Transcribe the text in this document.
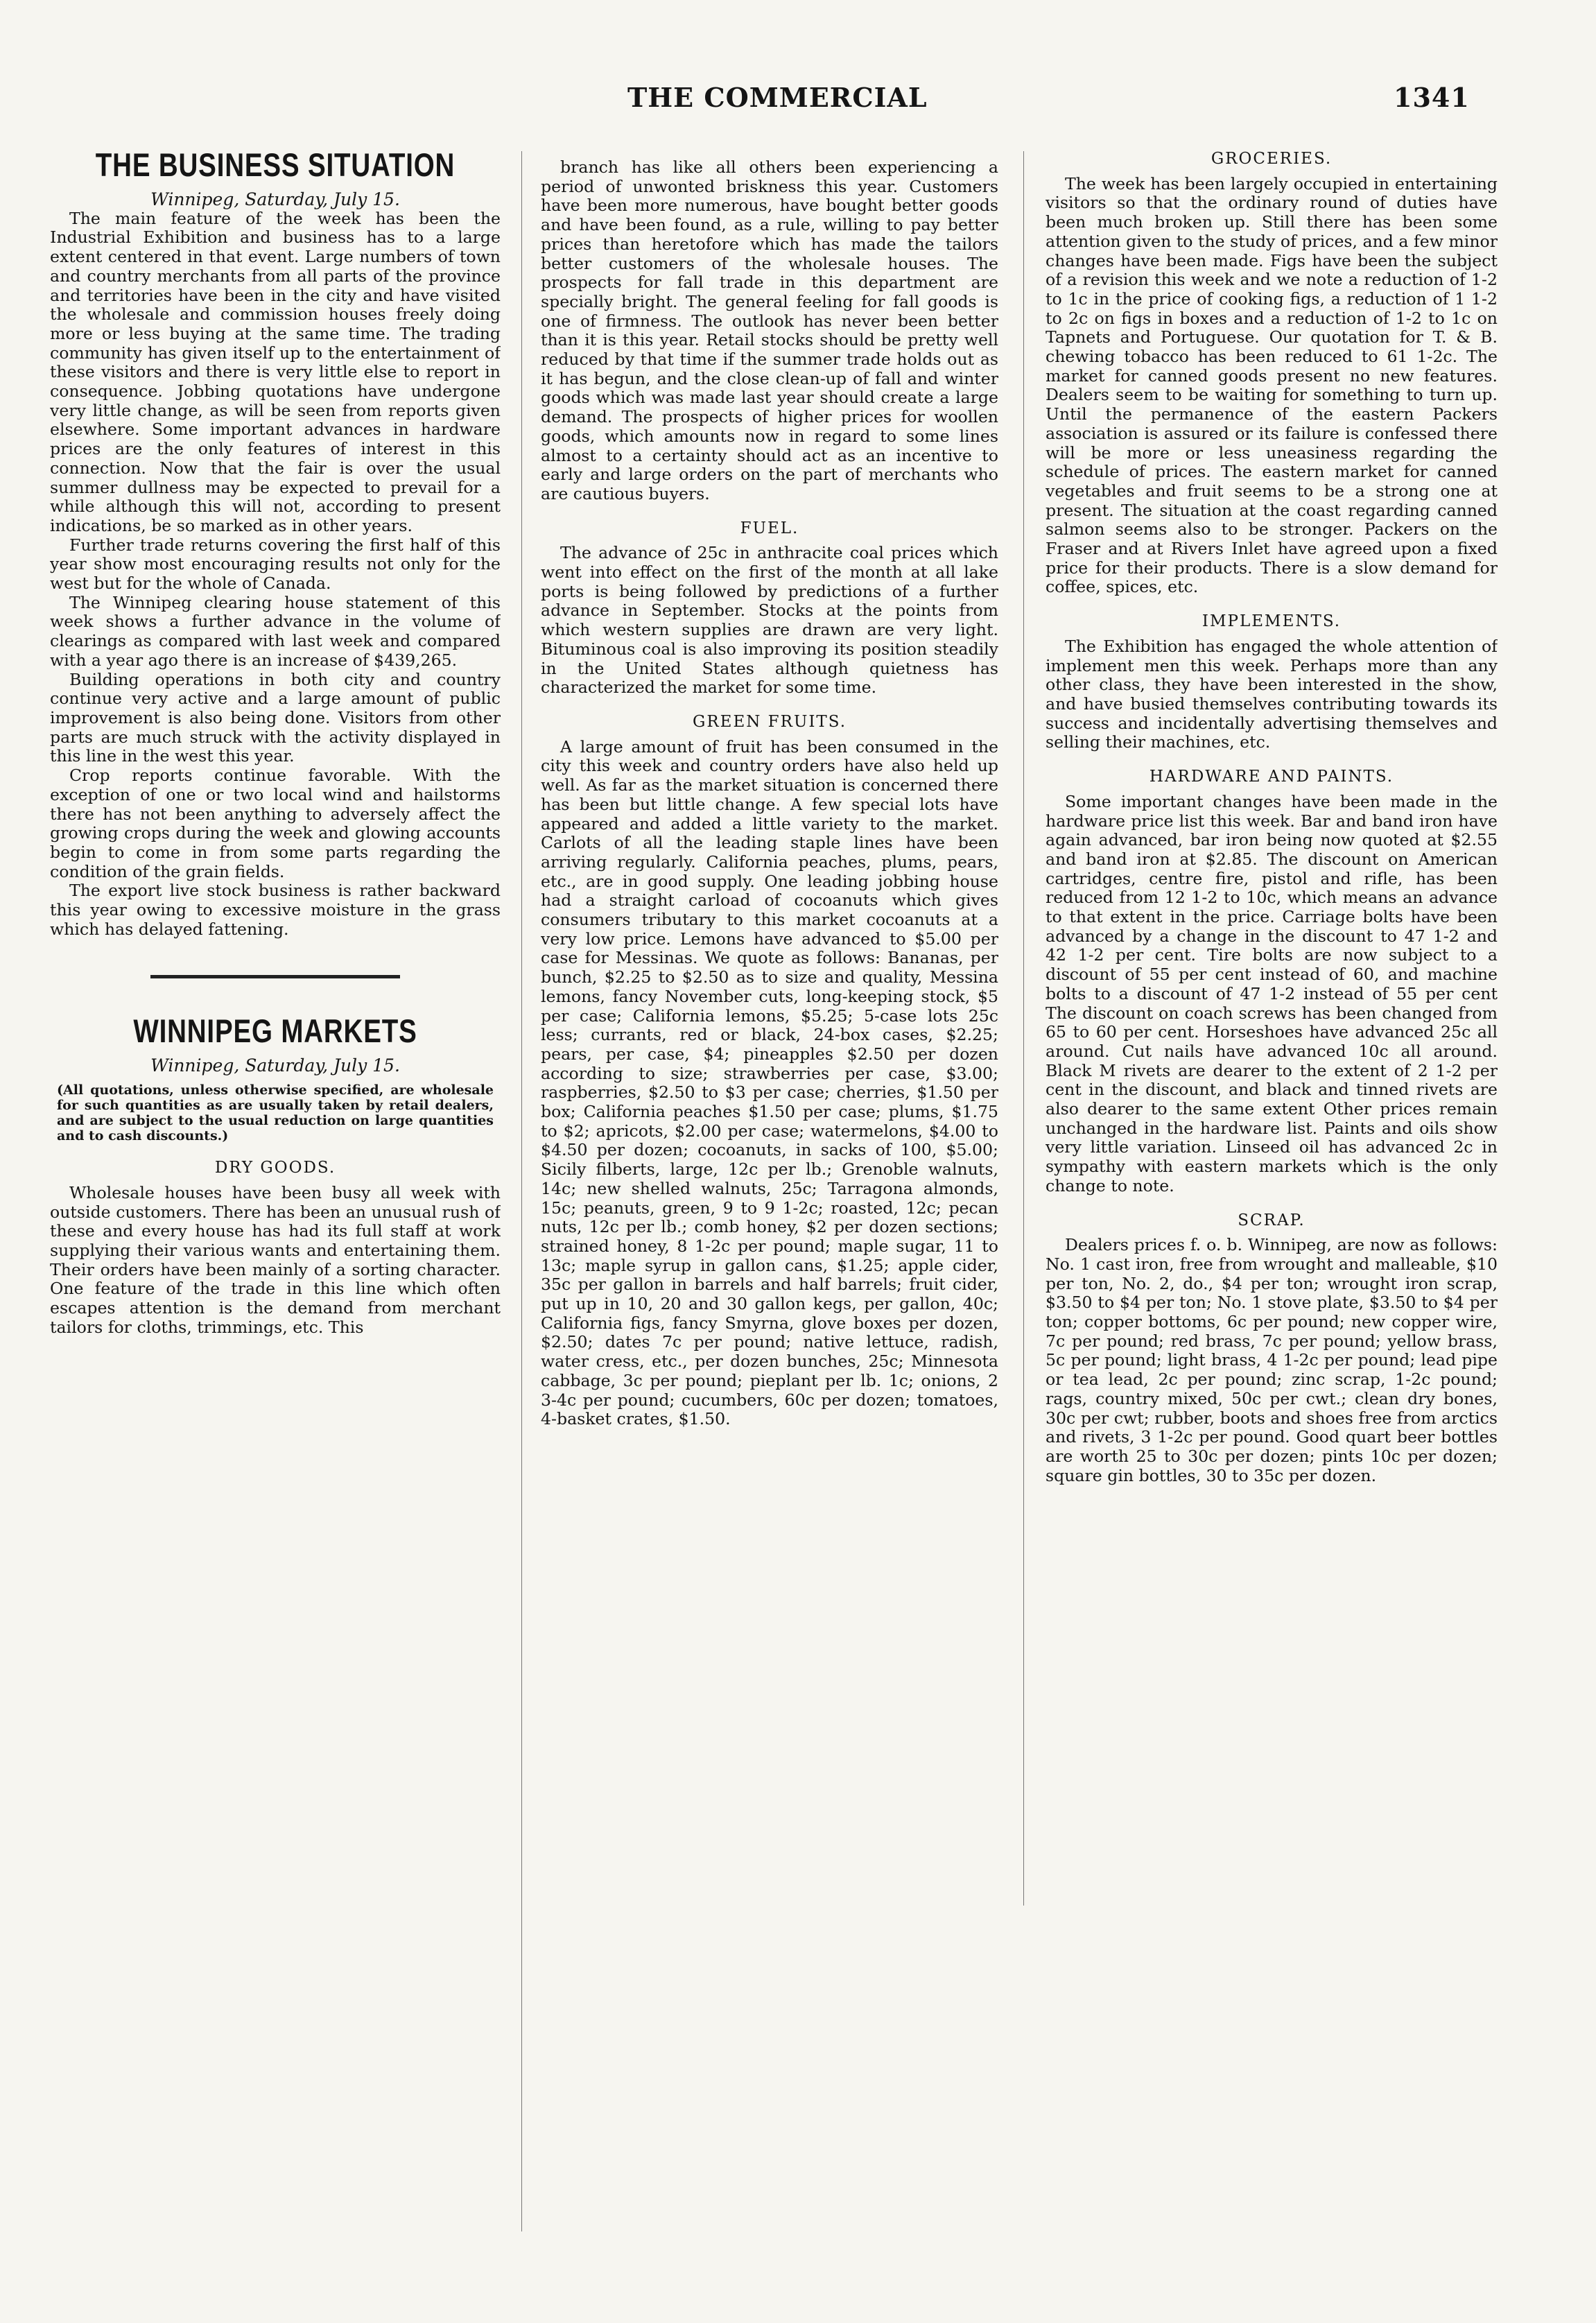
THE COMMERCIAL	1341
THE BUSINESS SITUATION

Winnipeg, Saturday, July 15.

The main feature of the week has been the Industrial Exhibition and business has to a large extent centered in that event. Large numbers of town and country merchants from all parts of the province and territories have been in the city and have visited the wholesale and commission houses freely doing more or less buying at the same time. The trading community has given itself up to the entertainment of these visitors and there is very little else to report in consequence. Jobbing quotations have undergone very little change, as will be seen from reports given elsewhere. Some important advances in hardware prices are the only features of interest in this connection. Now that the fair is over the usual summer dullness may be expected to prevail for a while although this will not, according to present indications, be so marked as in other years.

Further trade returns covering the first half of this year show most encouraging results not only for the west but for the whole of Canada.

The Winnipeg clearing house statement of this week shows a further advance in the volume of clearings as compared with last week and compared with a year ago there is an increase of $439,265.

Building operations in both city and country continue very active and a large amount of public improvement is also being done. Visitors from other parts are much struck with the activity displayed in this line in the west this year.

Crop reports continue favorable. With the exception of one or two local wind and hailstorms there has not been anything to adversely affect the growing crops during the week and glowing accounts begin to come in from some parts regarding the condition of the grain fields.

The export live stock business is rather backward this year owing to excessive moisture in the grass which has delayed fattening.

WINNIPEG MARKETS

Winnipeg, Saturday, July 15.

(All quotations, unless otherwise specified, are wholesale for such quantities as are usually taken by retail dealers, and are subject to the usual reduction on large quantities and to cash discounts.)

DRY GOODS.

Wholesale houses have been busy all week with outside customers. There has been an unusual rush of these and every house has had its full staff at work supplying their various wants and entertaining them. Their orders have been mainly of a sorting character. One feature of the trade in this line which often escapes attention is the demand from merchant tailors for cloths, trimmings, etc. This

branch has like all others been experiencing a period of unwonted briskness this year. Customers have been more numerous, have bought better goods and have been found, as a rule, willing to pay better prices than heretofore which has made the tailors better customers of the wholesale houses. The prospects for fall trade in this department are specially bright. The general feeling for fall goods is one of firmness. The outlook has never been better than it is this year. Retail stocks should be pretty well reduced by that time if the summer trade holds out as it has begun, and the close clean-up of fall and winter goods which was made last year should create a large demand. The prospects of higher prices for woollen goods, which amounts now in regard to some lines almost to a certainty should act as an incentive to early and large orders on the part of merchants who are cautious buyers.

FUEL.

The advance of 25c in anthracite coal prices which went into effect on the first of the month at all lake ports is being followed by predictions of a further advance in September. Stocks at the points from which western supplies are drawn are very light. Bituminous coal is also improving its position steadily in the United States although quietness has characterized the market for some time.

GREEN FRUITS.

A large amount of fruit has been consumed in the city this week and country orders have also held up well. As far as the market situation is concerned there has been but little change. A few special lots have appeared and added a little variety to the market. Carlots of all the leading staple lines have been arriving regularly. California peaches, plums, pears, etc., are in good supply. One leading jobbing house had a straight carload of cocoanuts which gives consumers tributary to this market cocoanuts at a very low price. Lemons have advanced to $5.00 per case for Messinas. We quote as follows: Bananas, per bunch, $2.25 to $2.50 as to size and quality, Messina lemons, fancy November cuts, long-keeping stock, $5 per case; California lemons, $5.25; 5-case lots 25c less; currants, red or black, 24-box cases, $2.25; pears, per case, $4; pineapples $2.50 per dozen according to size; strawberries per case, $3.00; raspberries, $2.50 to $3 per case; cherries, $1.50 per box; California peaches $1.50 per case; plums, $1.75 to $2; apricots, $2.00 per case; watermelons, $4.00 to $4.50 per dozen; cocoanuts, in sacks of 100, $5.00; Sicily filberts, large, 12c per lb.; Grenoble walnuts, 14c; new shelled walnuts, 25c; Tarragona almonds, 15c; peanuts, green, 9 to 9 1-2c; roasted, 12c; pecan nuts, 12c per lb.; comb honey, $2 per dozen sections; strained honey, 8 1-2c per pound; maple sugar, 11 to 13c; maple syrup in gallon cans, $1.25; apple cider, 35c per gallon in barrels and half barrels; fruit cider, put up in 10, 20 and 30 gallon kegs, per gallon, 40c; California figs, fancy Smyrna, glove boxes per dozen, $2.50; dates 7c per pound; native lettuce, radish, water cress, etc., per dozen bunches, 25c; Minnesota cabbage, 3c per pound; pieplant per lb. 1c; onions, 2 3-4c per pound; cucumbers, 60c per dozen; tomatoes, 4-basket crates, $1.50.

GROCERIES.

The week has been largely occupied in entertaining visitors so that the ordinary round of duties have been much broken up. Still there has been some attention given to the study of prices, and a few minor changes have been made. Figs have been the subject of a revision this week and we note a reduction of 1-2 to 1c in the price of cooking figs, a reduction of 1 1-2 to 2c on figs in boxes and a reduction of 1-2 to 1c on Tapnets and Portuguese. Our quotation for T. & B. chewing tobacco has been reduced to 61 1-2c. The market for canned goods present no new features. Dealers seem to be waiting for something to turn up. Until the permanence of the eastern Packers association is assured or its failure is confessed there will be more or less uneasiness regarding the schedule of prices. The eastern market for canned vegetables and fruit seems to be a strong one at present. The situation at the coast regarding canned salmon seems also to be stronger. Packers on the Fraser and at Rivers Inlet have agreed upon a fixed price for their products. There is a slow demand for coffee, spices, etc.

IMPLEMENTS.

The Exhibition has engaged the whole attention of implement men this week. Perhaps more than any other class, they have been interested in the show, and have busied themselves contributing towards its success and incidentally advertising themselves and selling their machines, etc.

HARDWARE AND PAINTS.

Some important changes have been made in the hardware price list this week. Bar and band iron have again advanced, bar iron being now quoted at $2.55 and band iron at $2.85. The discount on American cartridges, centre fire, pistol and rifle, has been reduced from 12 1-2 to 10c, which means an advance to that extent in the price. Carriage bolts have been advanced by a change in the discount to 47 1-2 and 42 1-2 per cent. Tire bolts are now subject to a discount of 55 per cent instead of 60, and machine bolts to a discount of 47 1-2 instead of 55 per cent The discount on coach screws has been changed from 65 to 60 per cent. Horseshoes have advanced 25c all around. Cut nails have advanced 10c all around. Black M rivets are dearer to the extent of 2 1-2 per cent in the discount, and black and tinned rivets are also dearer to the same extent Other prices remain unchanged in the hardware list. Paints and oils show very little variation. Linseed oil has advanced 2c in sympathy with eastern markets which is the only change to note.

SCRAP.

Dealers prices f. o. b. Winnipeg, are now as follows: No. 1 cast iron, free from wrought and malleable, $10 per ton, No. 2, do., $4 per ton; wrought iron scrap, $3.50 to $4 per ton; No. 1 stove plate, $3.50 to $4 per ton; copper bottoms, 6c per pound; new copper wire, 7c per pound; red brass, 7c per pound; yellow brass, 5c per pound; light brass, 4 1-2c per pound; lead pipe or tea lead, 2c per pound; zinc scrap, 1-2c pound; rags, country mixed, 50c per cwt.; clean dry bones, 30c per cwt; rubber, boots and shoes free from arctics and rivets, 3 1-2c per pound. Good quart beer bottles are worth 25 to 30c per dozen; pints 10c per dozen; square gin bottles, 30 to 35c per dozen.
